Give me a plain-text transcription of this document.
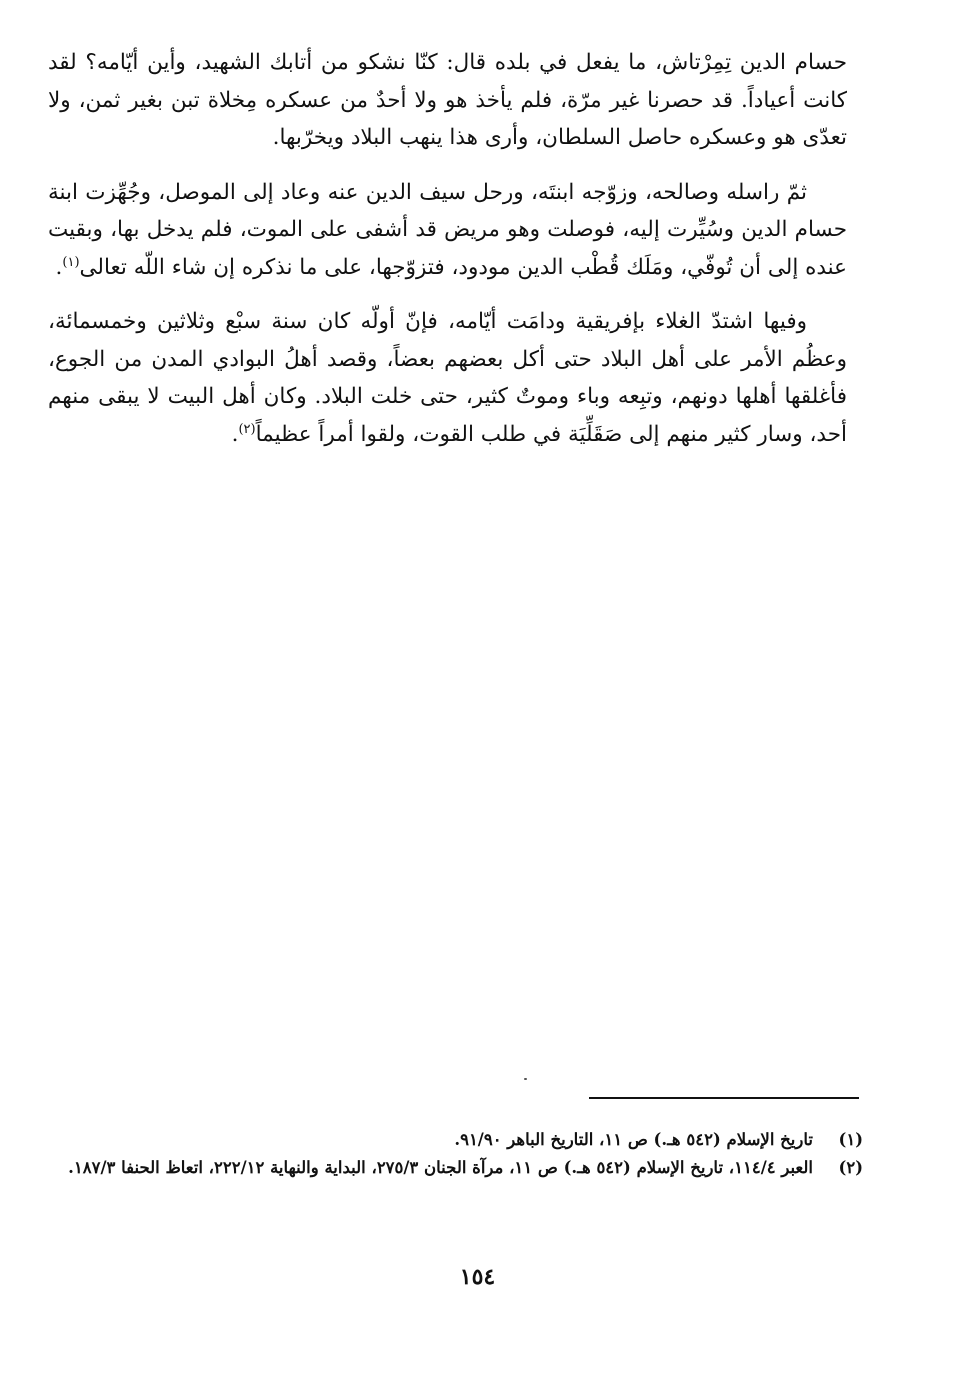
حسام الدين تِمِرْتاش، ما يفعل في بلده قال: كنّا نشكو من أتابك الشهيد، وأين أيّامه؟ لقد كانت أعياداً. قد حصرنا غير مرّة، فلم يأخذ هو ولا أحدٌ من عسكره مِخلاة تبن بغير ثمن، ولا تعدّى هو وعسكره حاصل السلطان، وأرى هذا ينهب البلاد ويخرّبها.

ثمّ راسله وصالحه، وزوّجه ابنتَه، ورحل سيف الدين عنه وعاد إلى الموصل، وجُهِّزت ابنة حسام الدين وسُيِّرت إليه، فوصلت وهو مريض قد أشفى على الموت، فلم يدخل بها، وبقيت عنده إلى أن تُوفّي، ومَلَك قُطْب الدين مودود، فتزوّجها، على ما نذكره إن شاء اللّه تعالى$^{(١)}$.

وفيها اشتدّ الغلاء بإفريقية ودامَت أيّامه، فإنّ أولّه كان سنة سبْع وثلاثين وخمسمائة، وعظُم الأمر على أهل البلاد حتى أكل بعضهم بعضاً، وقصد أهلُ البوادي المدن من الجوع، فأغلقها أهلها دونهم، وتبِعه وباء وموتٌ كثير، حتى خلت البلاد. وكان أهل البيت لا يبقى منهم أحد، وسار كثير منهم إلى صَقَلِّيَة في طلب القوت، ولقوا أمراً عظيماً$^{(٢)}$.

(١)
تاريخ الإسلام (٥٤٢ هـ.) ص ١١، التاريخ الباهر ٩١/٩٠.
(٢)
العبر ١١٤/٤، تاريخ الإسلام (٥٤٢ هـ.) ص ١١، مرآة الجنان ٢٧٥/٣، البداية والنهاية ٢٢٢/١٢، اتعاظ الحنفا ١٨٧/٣.
١٥٤
